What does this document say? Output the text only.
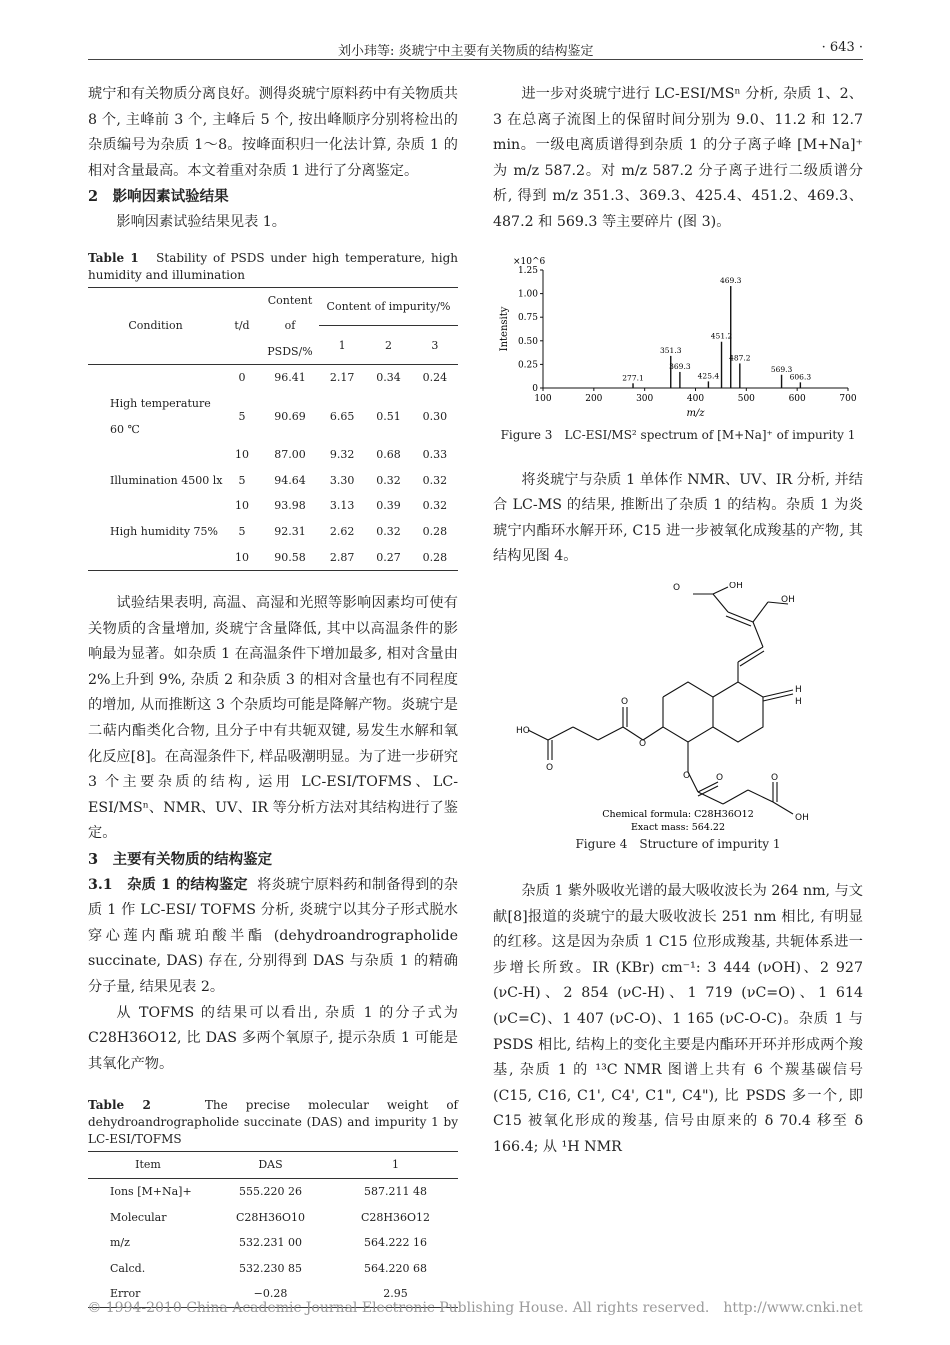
刘小玮等: 炎琥宁中主要有关物质的结构鉴定	· 643 ·

琥宁和有关物质分离良好。测得炎琥宁原料药中有关物质共 8 个, 主峰前 3 个, 主峰后 5 个, 按出峰顺序分别将检出的杂质编号为杂质 1～8。按峰面积归一化法计算, 杂质 1 的相对含量最高。本文着重对杂质 1 进行了分离鉴定。

2　影响因素试验结果

影响因素试验结果见表 1。

Table 1 Stability of PSDS under high temperature, high humidity and illumination

Condition	t/d	Content of PSDS/%	Content of impurity/%		
			1	2	3
	0	96.41	2.17	0.34	0.24
High temperature 60 ℃	5	90.69	6.65	0.51	0.30
	10	87.00	9.32	0.68	0.33
Illumination 4500 lx	5	94.64	3.30	0.32	0.32
	10	93.98	3.13	0.39	0.32
High humidity 75%	5	92.31	2.62	0.32	0.28
	10	90.58	2.87	0.27	0.28

试验结果表明, 高温、高湿和光照等影响因素均可使有关物质的含量增加, 炎琥宁含量降低, 其中以高温条件的影响最为显著。如杂质 1 在高温条件下增加最多, 相对含量由 2%上升到 9%, 杂质 2 和杂质 3 的相对含量也有不同程度的增加, 从而推断这 3 个杂质均可能是降解产物。炎琥宁是二萜内酯类化合物, 且分子中有共轭双键, 易发生水解和氧化反应[8]。在高湿条件下, 样品吸潮明显。为了进一步研究 3 个主要杂质的结构, 运用 LC-ESI/TOFMS、LC-ESI/MSⁿ、NMR、UV、IR 等分析方法对其结构进行了鉴定。

3　主要有关物质的结构鉴定

3.1　杂质 1 的结构鉴定 将炎琥宁原料药和制备得到的杂质 1 作 LC-ESI/ TOFMS 分析, 炎琥宁以其分子形式脱水穿心莲内酯琥珀酸半酯 (dehydroandrographolide succinate, DAS) 存在, 分别得到 DAS 与杂质 1 的精确分子量, 结果见表 2。

从 TOFMS 的结果可以看出, 杂质 1 的分子式为 C28H36O12, 比 DAS 多两个氧原子, 提示杂质 1 可能是其氧化产物。

Table 2	The precise molecular weight of dehydroandrographolide succinate (DAS) and impurity 1 by LC-ESI/TOFMS

Item	DAS	1
Ions [M+Na]+	555.220 26	587.211 48
Molecular	C28H36O10	C28H36O12
m/z	532.231 00	564.222 16
Calcd.	532.230 85	564.220 68
Error	−0.28	2.95

进一步对炎琥宁进行 LC-ESI/MSⁿ 分析, 杂质 1、2、3 在总离子流图上的保留时间分别为 9.0、11.2 和 12.7 min。一级电离质谱得到杂质 1 的分子离子峰 [M+Na]⁺为 m/z 587.2。对 m/z 587.2 分子离子进行二级质谱分析, 得到 m/z 351.3、369.3、425.4、451.2、469.3、487.2 和 569.3 等主要碎片 (图 3)。

×10^6
0
0.25
0.50
0.75
1.00
1.25
100	200	300	400	500	600	700
Intensity
m/z
277.1
351.3
369.3
425.4
451.2
469.3
487.2
569.3
606.3

Figure 3　LC-ESI/MS² spectrum of [M+Na]⁺ of impurity 1

将炎琥宁与杂质 1 单体作 NMR、UV、IR 分析, 并结合 LC-MS 的结果, 推断出了杂质 1 的结构。杂质 1 为炎琥宁内酯环水解开环, C15 进一步被氧化成羧基的产物, 其结构见图 4。

O	OH
OH
H
H
HO
O
O
O
O	O	O
OH
Chemical formula: C28H36O12
Exact mass: 564.22

Figure 4　Structure of impurity 1

杂质 1 紫外吸收光谱的最大吸收波长为 264 nm, 与文献[8]报道的炎琥宁的最大吸收波长 251 nm 相比, 有明显的红移。这是因为杂质 1 C15 位形成羧基, 共轭体系进一步增长所致。IR (KBr) cm⁻¹: 3 444 (νOH)、2 927 (νC-H)、2 854 (νC-H)、1 719 (νC=O)、1 614 (νC=C)、1 407 (νC-O)、1 165 (νC-O-C)。杂质 1 与 PSDS 相比, 结构上的变化主要是内酯环开环并形成两个羧基, 杂质 1 的 ¹³C NMR 图谱上共有 6 个羰基碳信号 (C15, C16, C1', C4', C1", C4"), 比 PSDS 多一个, 即 C15 被氧化形成的羧基, 信号由原来的 δ 70.4 移至 δ 166.4; 从 ¹H NMR

© 1994-2010 China Academic Journal Electronic Publishing House. All rights reserved.　http://www.cnki.net
